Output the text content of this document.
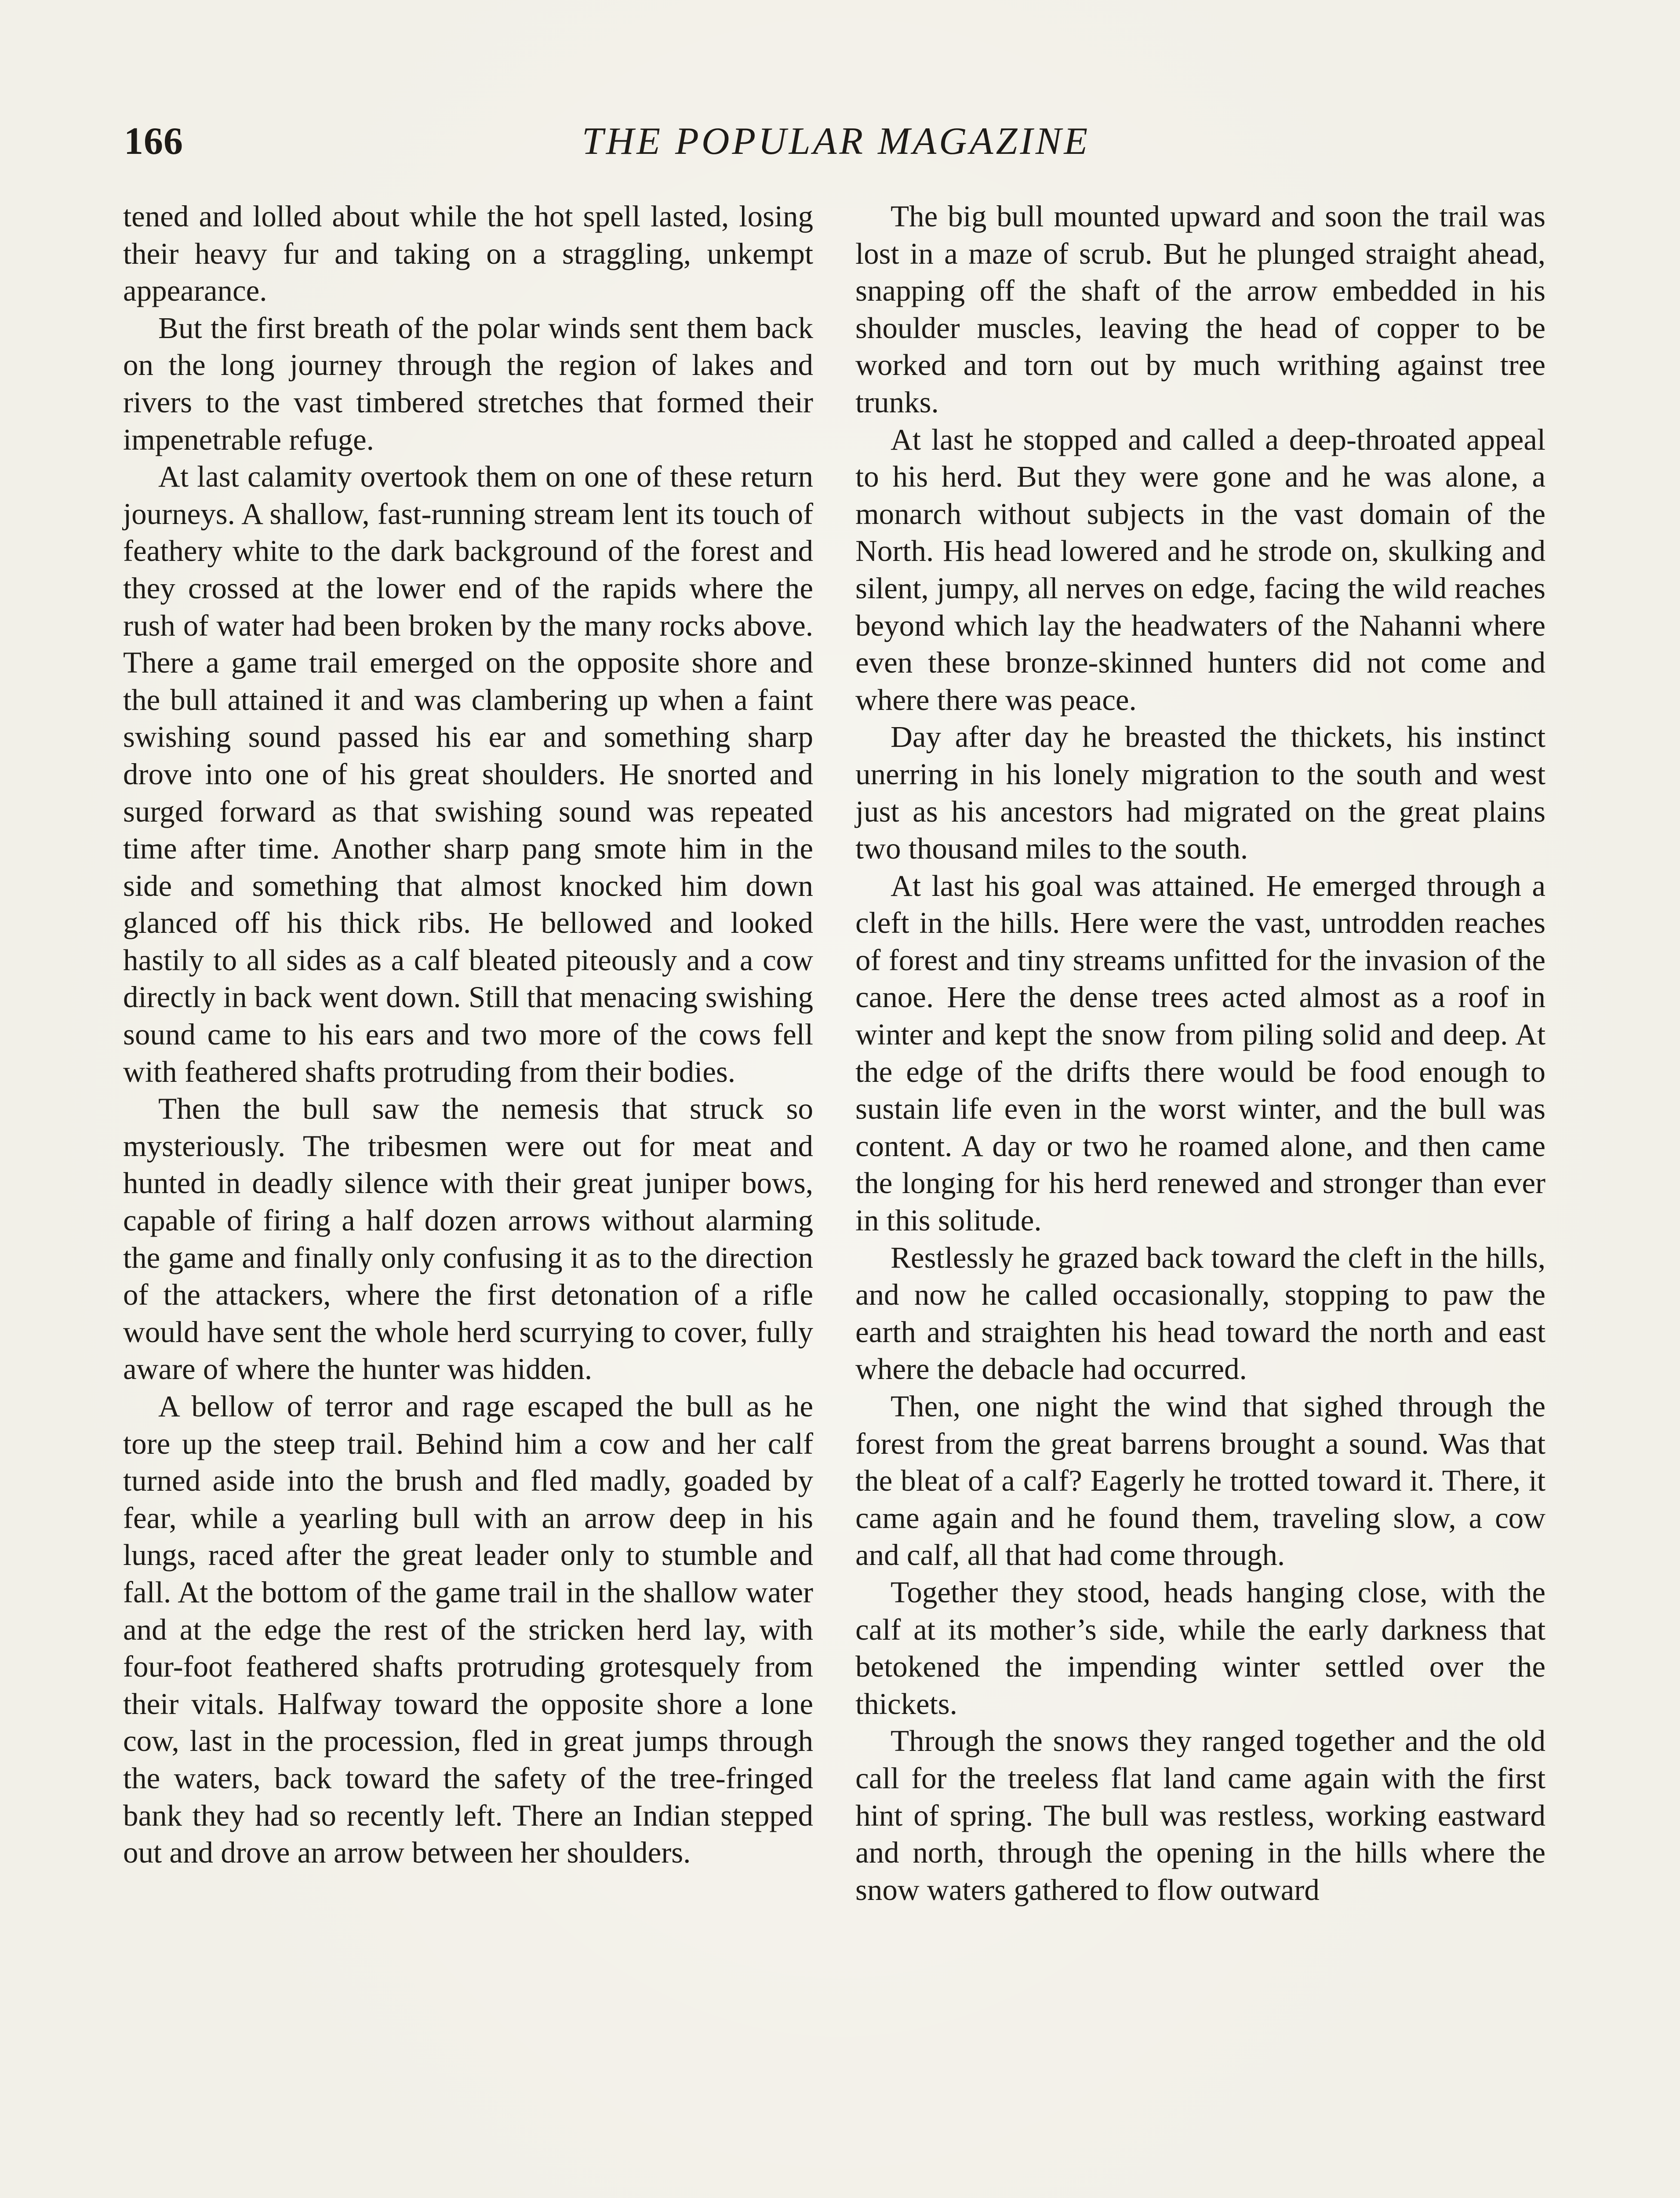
166	THE POPULAR MAGAZINE

tened and lolled about while the hot spell lasted, losing their heavy fur and taking on a straggling, unkempt appearance.

But the first breath of the polar winds sent them back on the long journey through the region of lakes and rivers to the vast timbered stretches that formed their impenetrable refuge.

At last calamity overtook them on one of these return journeys. A shallow, fast-running stream lent its touch of feathery white to the dark background of the forest and they crossed at the lower end of the rapids where the rush of water had been broken by the many rocks above. There a game trail emerged on the opposite shore and the bull attained it and was clambering up when a faint swishing sound passed his ear and something sharp drove into one of his great shoulders. He snorted and surged forward as that swishing sound was repeated time after time. Another sharp pang smote him in the side and something that almost knocked him down glanced off his thick ribs. He bellowed and looked hastily to all sides as a calf bleated piteously and a cow directly in back went down. Still that menacing swishing sound came to his ears and two more of the cows fell with feathered shafts protruding from their bodies.

Then the bull saw the nemesis that struck so mysteriously. The tribesmen were out for meat and hunted in deadly silence with their great juniper bows, capable of firing a half dozen arrows without alarming the game and finally only confusing it as to the direction of the attackers, where the first detonation of a rifle would have sent the whole herd scurrying to cover, fully aware of where the hunter was hidden.

A bellow of terror and rage escaped the bull as he tore up the steep trail. Behind him a cow and her calf turned aside into the brush and fled madly, goaded by fear, while a yearling bull with an arrow deep in his lungs, raced after the great leader only to stumble and fall. At the bottom of the game trail in the shallow water and at the edge the rest of the stricken herd lay, with four-foot feathered shafts protruding grotesquely from their vitals. Halfway toward the opposite shore a lone cow, last in the procession, fled in great jumps through the waters, back toward the safety of the tree-fringed bank they had so recently left. There an Indian stepped out and drove an arrow between her shoulders.

The big bull mounted upward and soon the trail was lost in a maze of scrub. But he plunged straight ahead, snapping off the shaft of the arrow embedded in his shoulder muscles, leaving the head of copper to be worked and torn out by much writhing against tree trunks.

At last he stopped and called a deep-throated appeal to his herd. But they were gone and he was alone, a monarch without subjects in the vast domain of the North. His head lowered and he strode on, skulking and silent, jumpy, all nerves on edge, facing the wild reaches beyond which lay the headwaters of the Nahanni where even these bronze-skinned hunters did not come and where there was peace.

Day after day he breasted the thickets, his instinct unerring in his lonely migration to the south and west just as his ancestors had migrated on the great plains two thousand miles to the south.

At last his goal was attained. He emerged through a cleft in the hills. Here were the vast, untrodden reaches of forest and tiny streams unfitted for the invasion of the canoe. Here the dense trees acted almost as a roof in winter and kept the snow from piling solid and deep. At the edge of the drifts there would be food enough to sustain life even in the worst winter, and the bull was content. A day or two he roamed alone, and then came the longing for his herd renewed and stronger than ever in this solitude.

Restlessly he grazed back toward the cleft in the hills, and now he called occasionally, stopping to paw the earth and straighten his head toward the north and east where the debacle had occurred.

Then, one night the wind that sighed through the forest from the great barrens brought a sound. Was that the bleat of a calf? Eagerly he trotted toward it. There, it came again and he found them, traveling slow, a cow and calf, all that had come through.

Together they stood, heads hanging close, with the calf at its mother’s side, while the early darkness that betokened the impending winter settled over the thickets.

Through the snows they ranged together and the old call for the treeless flat land came again with the first hint of spring. The bull was restless, working eastward and north, through the opening in the hills where the snow waters gathered to flow outward
